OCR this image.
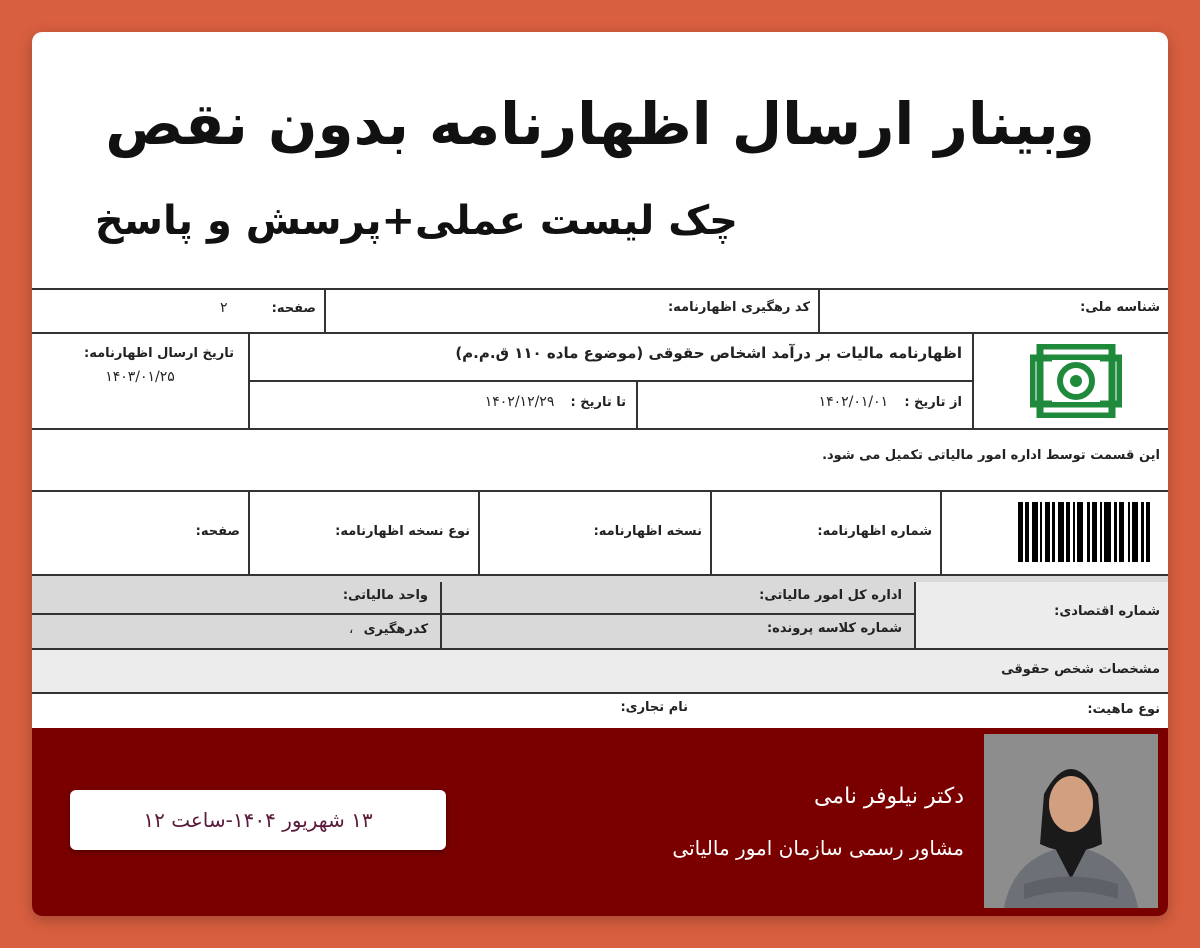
وبینار ارسال اظهارنامه بدون نقص
چک لیست عملی+پرسش و پاسخ
شناسه ملی:
کد رهگیری اظهارنامه:
صفحه: ۲
اظهارنامه مالیات بر درآمد اشخاص حقوقی (موضوع ماده ۱۱۰ ق.م.م)
از تاریخ : ۱۴۰۲/۰۱/۰۱
تا تاریخ : ۱۴۰۲/۱۲/۲۹
تاریخ ارسال اظهارنامه:
۱۴۰۳/۰۱/۲۵
این قسمت توسط اداره امور مالیاتی تکمیل می شود.
شماره اظهارنامه:
نسخه اظهارنامه:
نوع نسخه اظهارنامه:
صفحه:
شماره اقتصادی:
اداره کل امور مالیاتی:
شماره کلاسه پرونده:
واحد مالیاتی:
کدرهگیری ،
مشخصات شخص حقوقی
نوع ماهیت:
نام تجاری:
۱۳ شهریور ۱۴۰۴-ساعت ۱۲
دکتر نیلوفر نامی
مشاور رسمی سازمان امور مالیاتی
